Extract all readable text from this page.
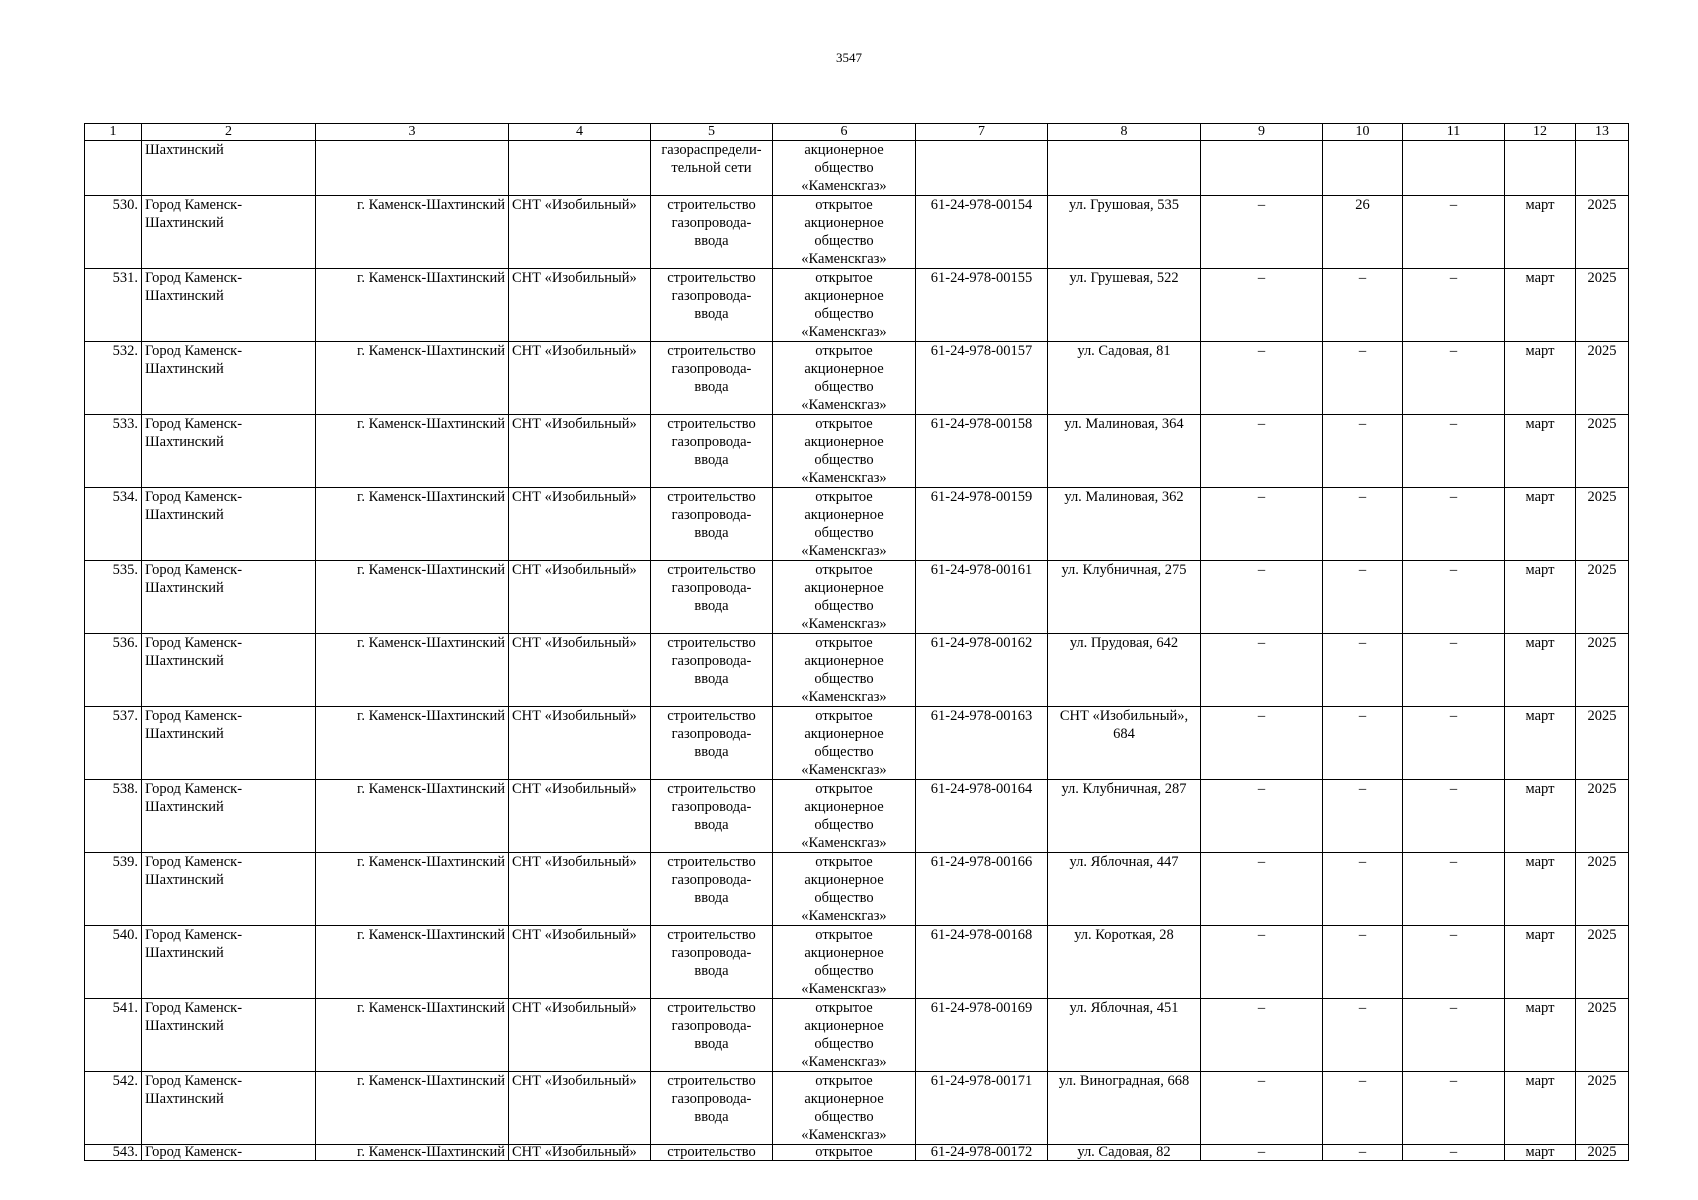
3547
1	2	3	4	5	6	7	8	9	10	11	12	13
	Шахтинский			газораспредели-
тельной сети	акционерное
общество
«Каменскгаз»							
530.	Город Каменск-Шахтинский	г. Каменск-Шахтинский	СНТ «Изобильный»	строительство
газопровода-
ввода	открытое
акционерное
общество
«Каменскгаз»	61-24-978-00154	ул. Грушовая, 535	–	26	–	март	2025
531.	Город Каменск-Шахтинский	г. Каменск-Шахтинский	СНТ «Изобильный»	строительство
газопровода-
ввода	открытое
акционерное
общество
«Каменскгаз»	61-24-978-00155	ул. Грушевая, 522	–	–	–	март	2025
532.	Город Каменск-Шахтинский	г. Каменск-Шахтинский	СНТ «Изобильный»	строительство
газопровода-
ввода	открытое
акционерное
общество
«Каменскгаз»	61-24-978-00157	ул. Садовая, 81	–	–	–	март	2025
533.	Город Каменск-Шахтинский	г. Каменск-Шахтинский	СНТ «Изобильный»	строительство
газопровода-
ввода	открытое
акционерное
общество
«Каменскгаз»	61-24-978-00158	ул. Малиновая, 364	–	–	–	март	2025
534.	Город Каменск-Шахтинский	г. Каменск-Шахтинский	СНТ «Изобильный»	строительство
газопровода-
ввода	открытое
акционерное
общество
«Каменскгаз»	61-24-978-00159	ул. Малиновая, 362	–	–	–	март	2025
535.	Город Каменск-Шахтинский	г. Каменск-Шахтинский	СНТ «Изобильный»	строительство
газопровода-
ввода	открытое
акционерное
общество
«Каменскгаз»	61-24-978-00161	ул. Клубничная, 275	–	–	–	март	2025
536.	Город Каменск-Шахтинский	г. Каменск-Шахтинский	СНТ «Изобильный»	строительство
газопровода-
ввода	открытое
акционерное
общество
«Каменскгаз»	61-24-978-00162	ул. Прудовая, 642	–	–	–	март	2025
537.	Город Каменск-Шахтинский	г. Каменск-Шахтинский	СНТ «Изобильный»	строительство
газопровода-
ввода	открытое
акционерное
общество
«Каменскгаз»	61-24-978-00163	СНТ «Изобильный», 684	–	–	–	март	2025
538.	Город Каменск-Шахтинский	г. Каменск-Шахтинский	СНТ «Изобильный»	строительство
газопровода-
ввода	открытое
акционерное
общество
«Каменскгаз»	61-24-978-00164	ул. Клубничная, 287	–	–	–	март	2025
539.	Город Каменск-Шахтинский	г. Каменск-Шахтинский	СНТ «Изобильный»	строительство
газопровода-
ввода	открытое
акционерное
общество
«Каменскгаз»	61-24-978-00166	ул. Яблочная, 447	–	–	–	март	2025
540.	Город Каменск-Шахтинский	г. Каменск-Шахтинский	СНТ «Изобильный»	строительство
газопровода-
ввода	открытое
акционерное
общество
«Каменскгаз»	61-24-978-00168	ул. Короткая, 28	–	–	–	март	2025
541.	Город Каменск-Шахтинский	г. Каменск-Шахтинский	СНТ «Изобильный»	строительство
газопровода-
ввода	открытое
акционерное
общество
«Каменскгаз»	61-24-978-00169	ул. Яблочная, 451	–	–	–	март	2025
542.	Город Каменск-Шахтинский	г. Каменск-Шахтинский	СНТ «Изобильный»	строительство
газопровода-
ввода	открытое
акционерное
общество
«Каменскгаз»	61-24-978-00171	ул. Виноградная, 668	–	–	–	март	2025
543.	Город Каменск-	г. Каменск-Шахтинский	СНТ «Изобильный»	строительство	открытое	61-24-978-00172	ул. Садовая, 82	–	–	–	март	2025
